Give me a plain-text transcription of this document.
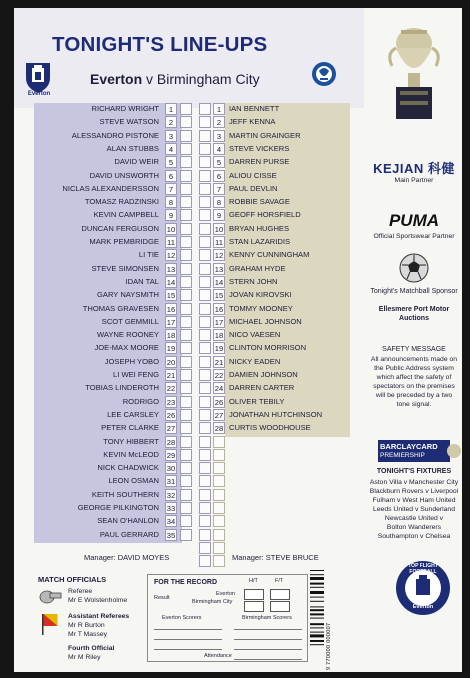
TONIGHT'S LINE-UPS
Everton
Everton v Birmingham City
RICHARD WRIGHT	1
STEVE WATSON	2
ALESSANDRO PISTONE	3
ALAN STUBBS	4
DAVID WEIR	5
DAVID UNSWORTH	6
NICLAS ALEXANDERSSON	7
TOMASZ RADZINSKI	8
KEVIN CAMPBELL	9
DUNCAN FERGUSON	10
MARK PEMBRIDGE	11
LI TIE	12
STEVE SIMONSEN	13
IDAN TAL	14
GARY NAYSMITH	15
THOMAS GRAVESEN	16
SCOT GEMMILL	17
WAYNE ROONEY	18
JOE-MAX MOORE	19
JOSEPH YOBO	20
LI WEI FENG	21
TOBIAS LINDEROTH	22
RODRIGO	23
LEE CARSLEY	26
PETER CLARKE	27
TONY HIBBERT	28
KEVIN McLEOD	29
NICK CHADWICK	30
LEON OSMAN	31
KEITH SOUTHERN	32
GEORGE PILKINGTON	33
SEAN O'HANLON	34
PAUL GERRARD	35
1	IAN BENNETT
2	JEFF KENNA
3	MARTIN GRAINGER
4	STEVE VICKERS
5	DARREN PURSE
6	ALIOU CISSE
7	PAUL DEVLIN
8	ROBBIE SAVAGE
9	GEOFF HORSFIELD
10 BRYAN HUGHES
11 STAN LAZARIDIS
12 KENNY CUNNINGHAM
13 GRAHAM HYDE
14 STERN JOHN
15 JOVAN KIROVSKI
16 TOMMY MOONEY
17 MICHAEL JOHNSON
18 NICO VAESEN
19 CLINTON MORRISON
21 NICKY EADEN
22 DAMIEN JOHNSON
24 DARREN CARTER
26 OLIVER TEBILY
27 JONATHAN HUTCHINSON
28 CURTIS WOODHOUSE
Manager: DAVID MOYES	Manager: STEVE BRUCE
KEJIAN 科健
Main Partner
PUMA
Official Sportswear Partner
Tonight's Matchball Sponsor
Ellesmere Port Motor Auctions
SAFETY MESSAGE
All announcements made on the Public Address system which affect the safety of spectators on the premises will be preceded by a two tone signal.
BARCLAYCARD
PREMIERSHIP
TONIGHT'S FIXTURES
Aston Villa v Manchester City
Blackburn Rovers v Liverpool
Fulham v West Ham United
Leeds United v Sunderland
Newcastle United v
Bolton Wanderers
Southampton v Chelsea
TOP FLIGHT FOOTBALL
Everton
MATCH OFFICIALS
Referee
Mr E Wolstenholme
Assistant Referees
Mr R Burton
Mr T Massey
Fourth Official
Mr M Riley
FOR THE RECORD	H/T	F/T
Result
Everton
Birmingham City
Everton Scorers	Birmingham Scorers
Attendance	9 770000 000007
